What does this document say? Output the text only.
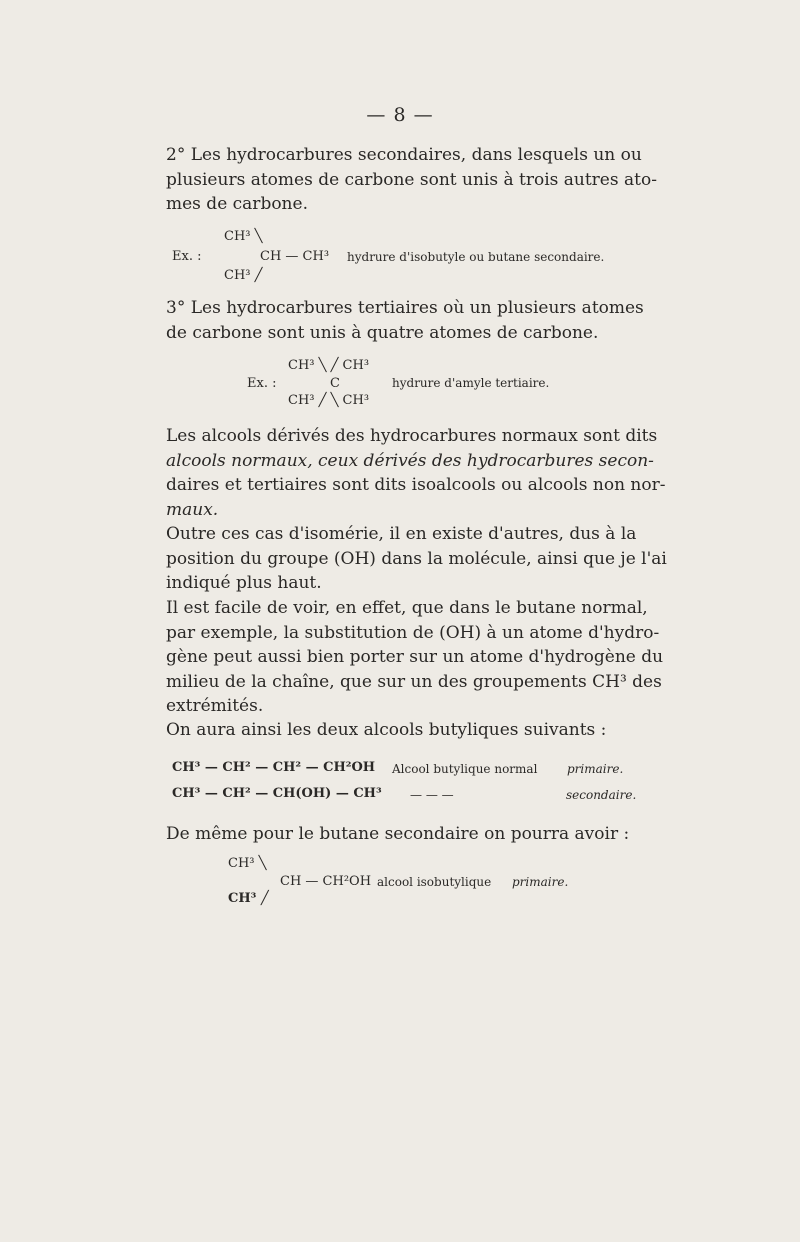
— 8 —
2° Les hydrocarbures secondaires, dans lesquels un ou
plusieurs atomes de carbone sont unis à trois autres ato-
mes de carbone.
CH³ ╲
Ex. :	CH — CH³ hydrure d'isobutyle ou butane secondaire.
CH³ ╱
3° Les hydrocarbures tertiaires où un plusieurs atomes
de carbone sont unis à quatre atomes de carbone.
CH³ ╲ ╱ CH³
Ex. :	C	hydrure d'amyle tertiaire.
CH³ ╱ ╲ CH³
Les alcools dérivés des hydrocarbures normaux sont dits
alcools normaux, ceux dérivés des hydrocarbures secon-
daires et tertiaires sont dits isoalcools ou alcools non nor-
maux.
Outre ces cas d'isomérie, il en existe d'autres, dus à la
position du groupe (OH) dans la molécule, ainsi que je l'ai
indiqué plus haut.
Il est facile de voir, en effet, que dans le butane normal,
par exemple, la substitution de (OH) à un atome d'hydro-
gène peut aussi bien porter sur un atome d'hydrogène du
milieu de la chaîne, que sur un des groupements CH³ des
extrémités.
On aura ainsi les deux alcools butyliques suivants :
CH³ — CH² — CH² — CH²OH Alcool butylique normal primaire.
CH³ — CH² — CH(OH) — CH³ — — —	secondaire.
De même pour le butane secondaire on pourra avoir :
CH³ ╲
CH — CH²OH alcool isobutylique primaire.
CH³ ╱
